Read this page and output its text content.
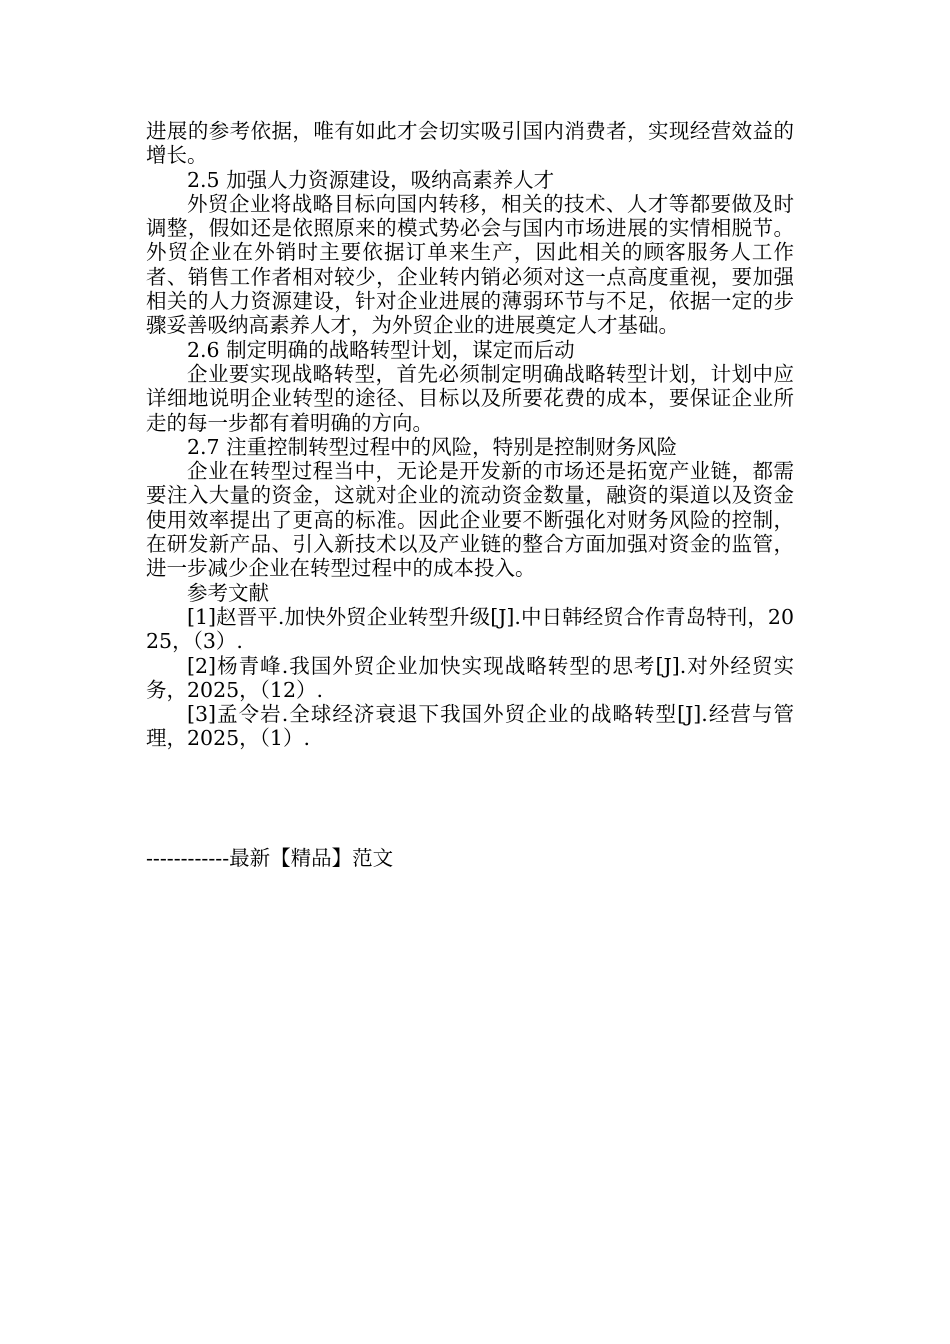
进展的参考依据，唯有如此才会切实吸引国内消费者，实现经营效益的增长。

2.5 加强人力资源建设，吸纳高素养人才

外贸企业将战略目标向国内转移，相关的技术、人才等都要做及时调整，假如还是依照原来的模式势必会与国内市场进展的实情相脱节。外贸企业在外销时主要依据订单来生产，因此相关的顾客服务人工作者、销售工作者相对较少，企业转内销必须对这一点高度重视，要加强相关的人力资源建设，针对企业进展的薄弱环节与不足，依据一定的步骤妥善吸纳高素养人才，为外贸企业的进展奠定人才基础。

2.6 制定明确的战略转型计划，谋定而后动

企业要实现战略转型，首先必须制定明确战略转型计划，计划中应详细地说明企业转型的途径、目标以及所要花费的成本，要保证企业所走的每一步都有着明确的方向。

2.7 注重控制转型过程中的风险，特别是控制财务风险

企业在转型过程当中，无论是开发新的市场还是拓宽产业链，都需要注入大量的资金，这就对企业的流动资金数量，融资的渠道以及资金使用效率提出了更高的标准。因此企业要不断强化对财务风险的控制，在研发新产品、引入新技术以及产业链的整合方面加强对资金的监管，进一步减少企业在转型过程中的成本投入。

参考文献

[1]赵晋平.加快外贸企业转型升级[J].中日韩经贸合作青岛特刊，2025，（3）.

[2]杨青峰.我国外贸企业加快实现战略转型的思考[J].对外经贸实务，2025，（12）.

[3]孟令岩.全球经济衰退下我国外贸企业的战略转型[J].经营与管理，2025，（1）.

------------最新【精品】范文
